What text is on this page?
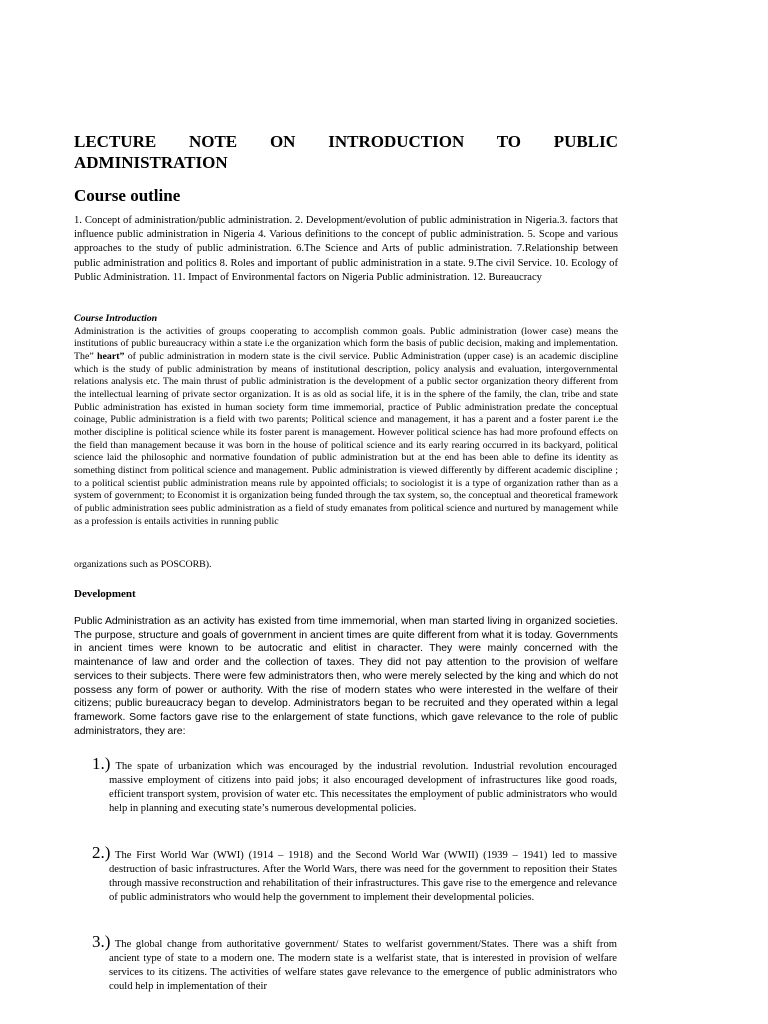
LECTURE NOTE ON INTRODUCTION TO PUBLIC
ADMINISTRATION
Course outline
1. Concept of administration/public administration. 2. Development/evolution of public administration in Nigeria.3. factors that influence public administration in Nigeria 4. Various definitions to the concept of public administration. 5. Scope and various approaches to the study of public administration. 6.The Science and Arts of public administration. 7.Relationship between public administration and politics 8. Roles and important of public administration in a state. 9.The civil Service. 10. Ecology of Public Administration. 11. Impact of Environmental factors on Nigeria Public administration. 12. Bureaucracy
Course Introduction
Administration is the activities of groups cooperating to accomplish common goals. Public administration (lower case) means the institutions of public bureaucracy within a state i.e the organization which form the basis of public decision, making and implementation. The” heart” of public administration in modern state is the civil service. Public Administration (upper case) is an academic discipline which is the study of public administration by means of institutional description, policy analysis and evaluation, intergovernmental relations analysis etc. The main thrust of public administration is the development of a public sector organization theory different from the intellectual learning of private sector organization. It is as old as social life, it is in the sphere of the family, the clan, tribe and state Public administration has existed in human society form time immemorial, practice of Public administration predate the conceptual coinage, Public administration is a field with two parents; Political science and management, it has a parent and a foster parent i.e the mother discipline is political science while its foster parent is management. However political science has had more profound effects on the field than management because it was born in the house of political science and its early rearing occurred in its backyard, political science laid the philosophic and normative foundation of public administration but at the end has been able to define its identity as something distinct from political science and management. Public administration is viewed differently by different academic discipline ; to a political scientist public administration means rule by appointed officials; to sociologist it is a type of organization rather than as a system of government; to Economist it is organization being funded through the tax system, so, the conceptual and theoretical framework of public administration sees public administration as a field of study emanates from political science and nurtured by management while as a profession is entails activities in running public
organizations such as POSCORB).
Development
Public Administration as an activity has existed from time immemorial, when man started living in organized societies. The purpose, structure and goals of government in ancient times are quite different from what it is today. Governments in ancient times were known to be autocratic and elitist in character. They were mainly concerned with the maintenance of law and order and the collection of taxes. They did not pay attention to the provision of welfare services to their subjects. There were few administrators then, who were merely selected by the king and which do not possess any form of power or authority. With the rise of modern states who were interested in the welfare of their citizens; public bureaucracy began to develop. Administrators began to be recruited and they operated within a legal framework. Some factors gave rise to the enlargement of state functions, which gave relevance to the role of public administrators, they are:
1.) The spate of urbanization which was encouraged by the industrial revolution. Industrial revolution encouraged massive employment of citizens into paid jobs; it also encouraged development of infrastructures like good roads, efficient transport system, provision of water etc. This necessitates the employment of public administrators who would help in planning and executing state’s numerous developmental policies.
2.) The First World War (WWI) (1914 – 1918) and the Second World War (WWII) (1939 – 1941) led to massive destruction of basic infrastructures. After the World Wars, there was need for the government to reposition their States through massive reconstruction and rehabilitation of their infrastructures. This gave rise to the emergence and relevance of public administrators who would help the government to implement their developmental policies.
3.) The global change from authoritative government/ States to welfarist government/States. There was a shift from ancient type of state to a modern one. The modern state is a welfarist state, that is interested in provision of welfare services to its citizens. The activities of welfare states gave relevance to the emergence of public administrators who could help in implementation of their
